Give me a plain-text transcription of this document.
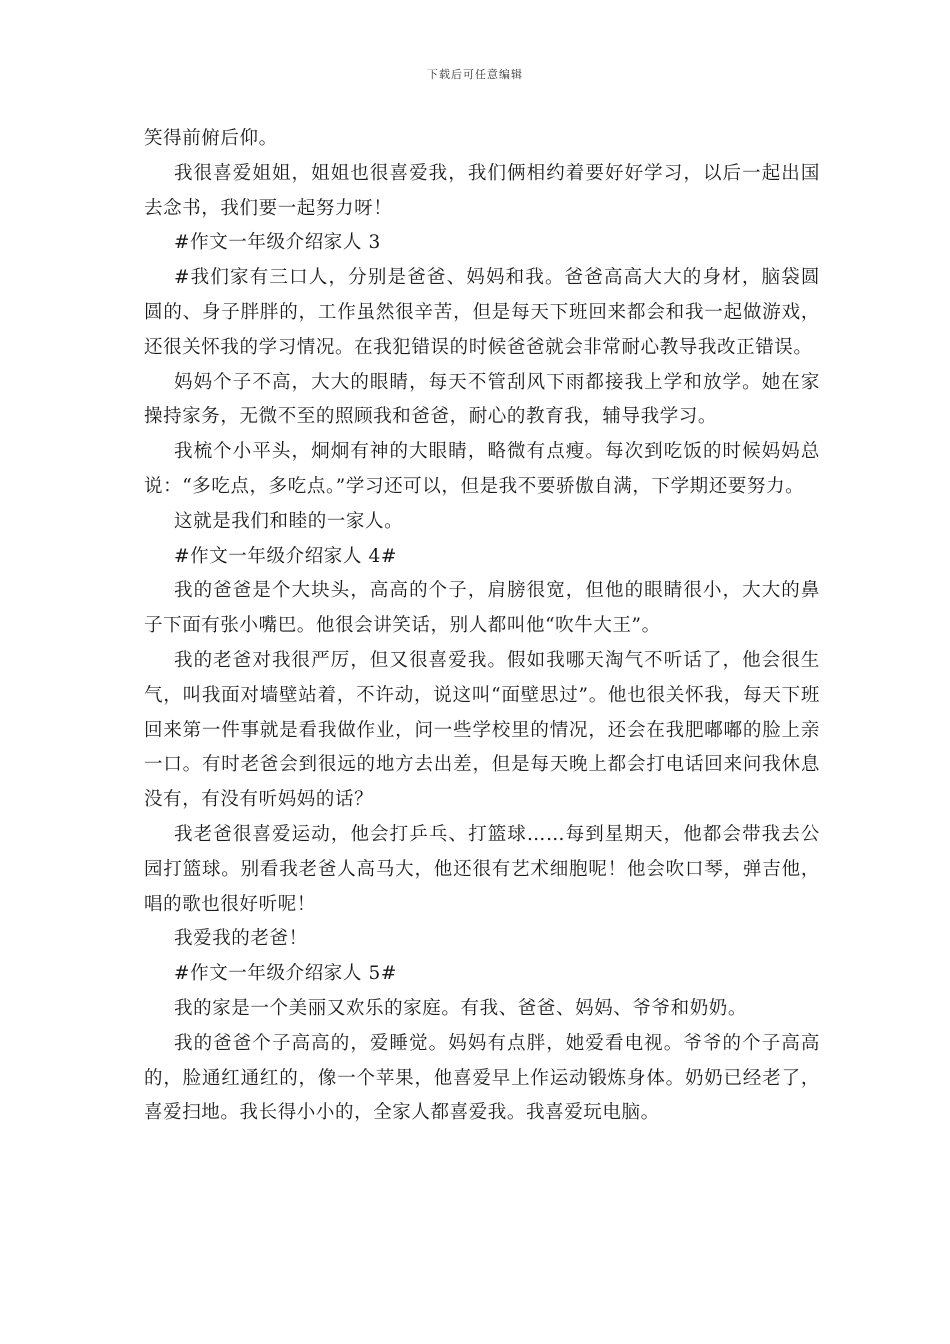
下载后可任意编辑

笑得前俯后仰。

我很喜爱姐姐，姐姐也很喜爱我，我们俩相约着要好好学习，以后一起出国去念书，我们要一起努力呀！

#作文一年级介绍家人 3

#我们家有三口人，分别是爸爸、妈妈和我。爸爸高高大大的身材，脑袋圆圆的、身子胖胖的，工作虽然很辛苦，但是每天下班回来都会和我一起做游戏，还很关怀我的学习情况。在我犯错误的时候爸爸就会非常耐心教导我改正错误。

妈妈个子不高，大大的眼睛，每天不管刮风下雨都接我上学和放学。她在家操持家务，无微不至的照顾我和爸爸，耐心的教育我，辅导我学习。

我梳个小平头，炯炯有神的大眼睛，略微有点瘦。每次到吃饭的时候妈妈总说：“多吃点，多吃点。”学习还可以，但是我不要骄傲自满，下学期还要努力。

这就是我们和睦的一家人。

#作文一年级介绍家人 4#

我的爸爸是个大块头，高高的个子，肩膀很宽，但他的眼睛很小，大大的鼻子下面有张小嘴巴。他很会讲笑话，别人都叫他“吹牛大王”。

我的老爸对我很严厉，但又很喜爱我。假如我哪天淘气不听话了，他会很生气，叫我面对墙壁站着，不许动，说这叫“面壁思过”。他也很关怀我，每天下班回来第一件事就是看我做作业，问一些学校里的情况，还会在我肥嘟嘟的脸上亲一口。有时老爸会到很远的地方去出差，但是每天晚上都会打电话回来问我休息没有，有没有听妈妈的话？

我老爸很喜爱运动，他会打乒乓、打篮球……每到星期天，他都会带我去公园打篮球。别看我老爸人高马大，他还很有艺术细胞呢！他会吹口琴，弹吉他，唱的歌也很好听呢！

我爱我的老爸！

#作文一年级介绍家人 5#

我的家是一个美丽又欢乐的家庭。有我、爸爸、妈妈、爷爷和奶奶。

我的爸爸个子高高的，爱睡觉。妈妈有点胖，她爱看电视。爷爷的个子高高的，脸通红通红的，像一个苹果，他喜爱早上作运动锻炼身体。奶奶已经老了，喜爱扫地。我长得小小的，全家人都喜爱我。我喜爱玩电脑。
